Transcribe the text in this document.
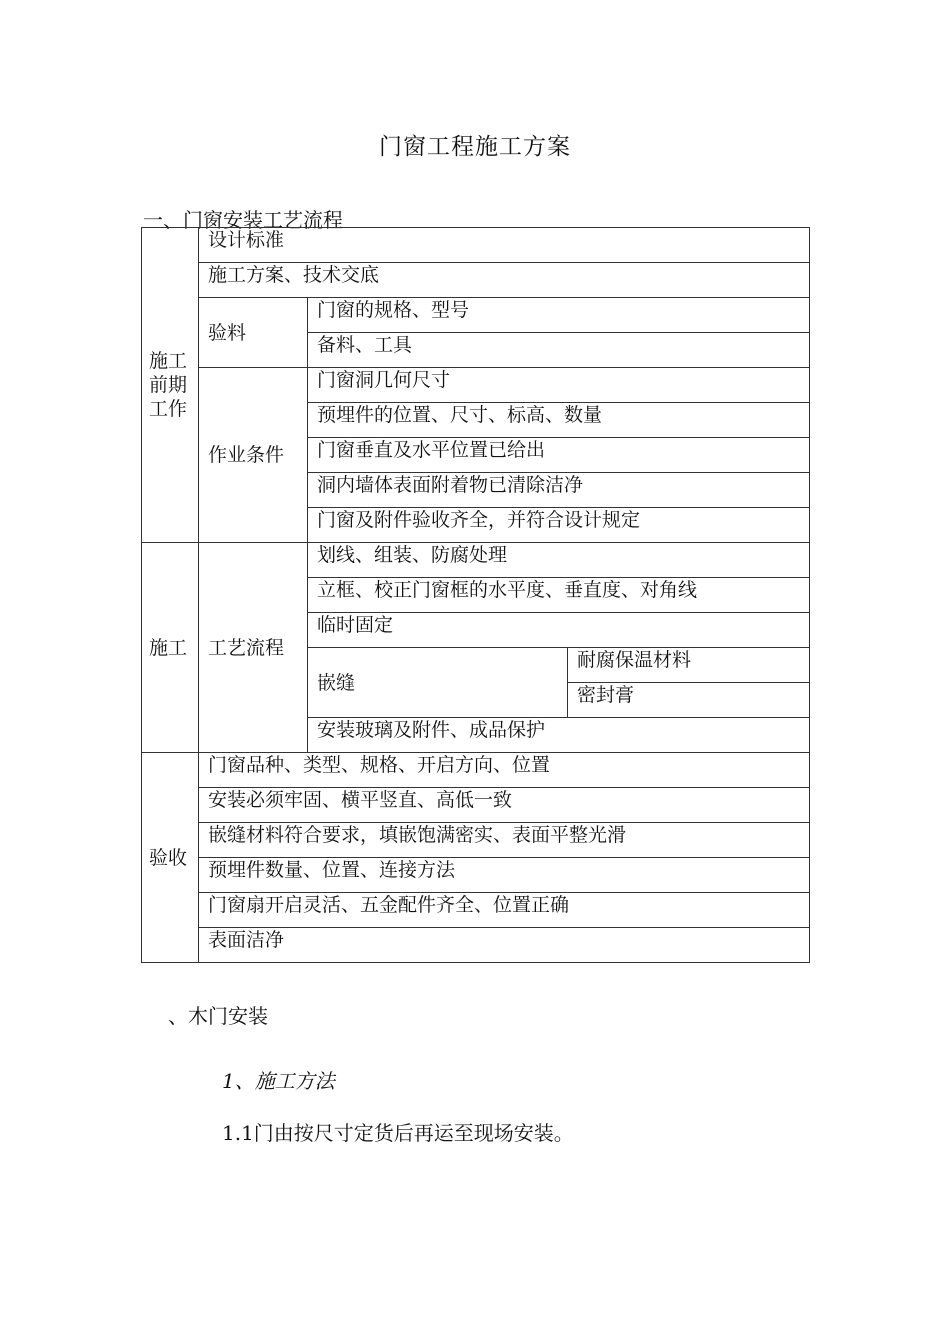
门窗工程施工方案
一、门窗安装工艺流程
施工
前期
工作	设计标准		
	施工方案、技术交底		
	验料	门窗的规格、型号	
		备料、工具	
	作业条件	门窗洞几何尺寸	
		预埋件的位置、尺寸、标高、数量	
		门窗垂直及水平位置已给出	
		洞内墙体表面附着物已清除洁净	
		门窗及附件验收齐全，并符合设计规定	
施工	工艺流程	划线、组装、防腐处理	
		立框、校正门窗框的水平度、垂直度、对角线	
		临时固定	
		嵌缝	耐腐保温材料
			密封膏
		安装玻璃及附件、成品保护	
验收	门窗品种、类型、规格、开启方向、位置		
	安装必须牢固、横平竖直、高低一致		
	嵌缝材料符合要求，填嵌饱满密实、表面平整光滑		
	预埋件数量、位置、连接方法		
	门窗扇开启灵活、五金配件齐全、位置正确		
	表面洁净		
、木门安装
1、施工方法
1.1门由按尺寸定货后再运至现场安装。
